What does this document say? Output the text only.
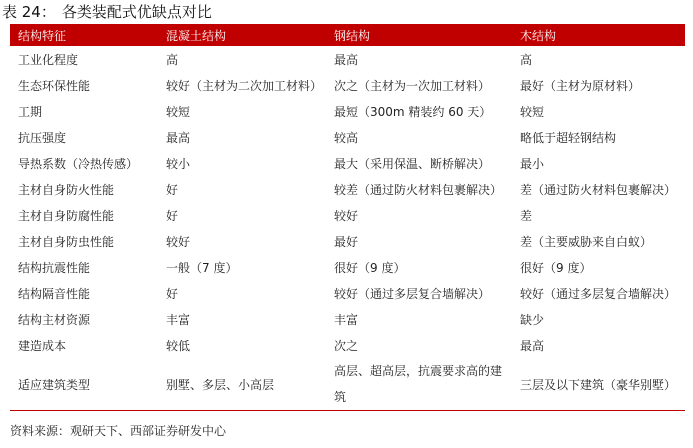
表 24： 各类装配式优缺点对比
结构特征	混凝土结构	钢结构	木结构
工业化程度	高	最高	高
生态环保性能	较好（主材为二次加工材料）	次之（主材为一次加工材料）	最好（主材为原材料）
工期	较短	最短（300m 精装约 60 天）	较短
抗压强度	最高	较高	略低于超轻钢结构
导热系数（冷热传感）	较小	最大（采用保温、断桥解决）	最小
主材自身防火性能	好	较差（通过防火材料包裹解决）	差（通过防火材料包裹解决）
主材自身防腐性能	好	较好	差
主材自身防虫性能	较好	最好	差（主要威胁来自白蚁）
结构抗震性能	一般（7 度）	很好（9 度）	很好（9 度）
结构隔音性能	好	较好（通过多层复合墙解决）	较好（通过多层复合墙解决）
结构主材资源	丰富	丰富	缺少
建造成本	较低	次之	最高
适应建筑类型	别墅、多层、小高层	高层、超高层，抗震要求高的建筑	三层及以下建筑（豪华别墅）
资料来源：观研天下、西部证券研发中心
